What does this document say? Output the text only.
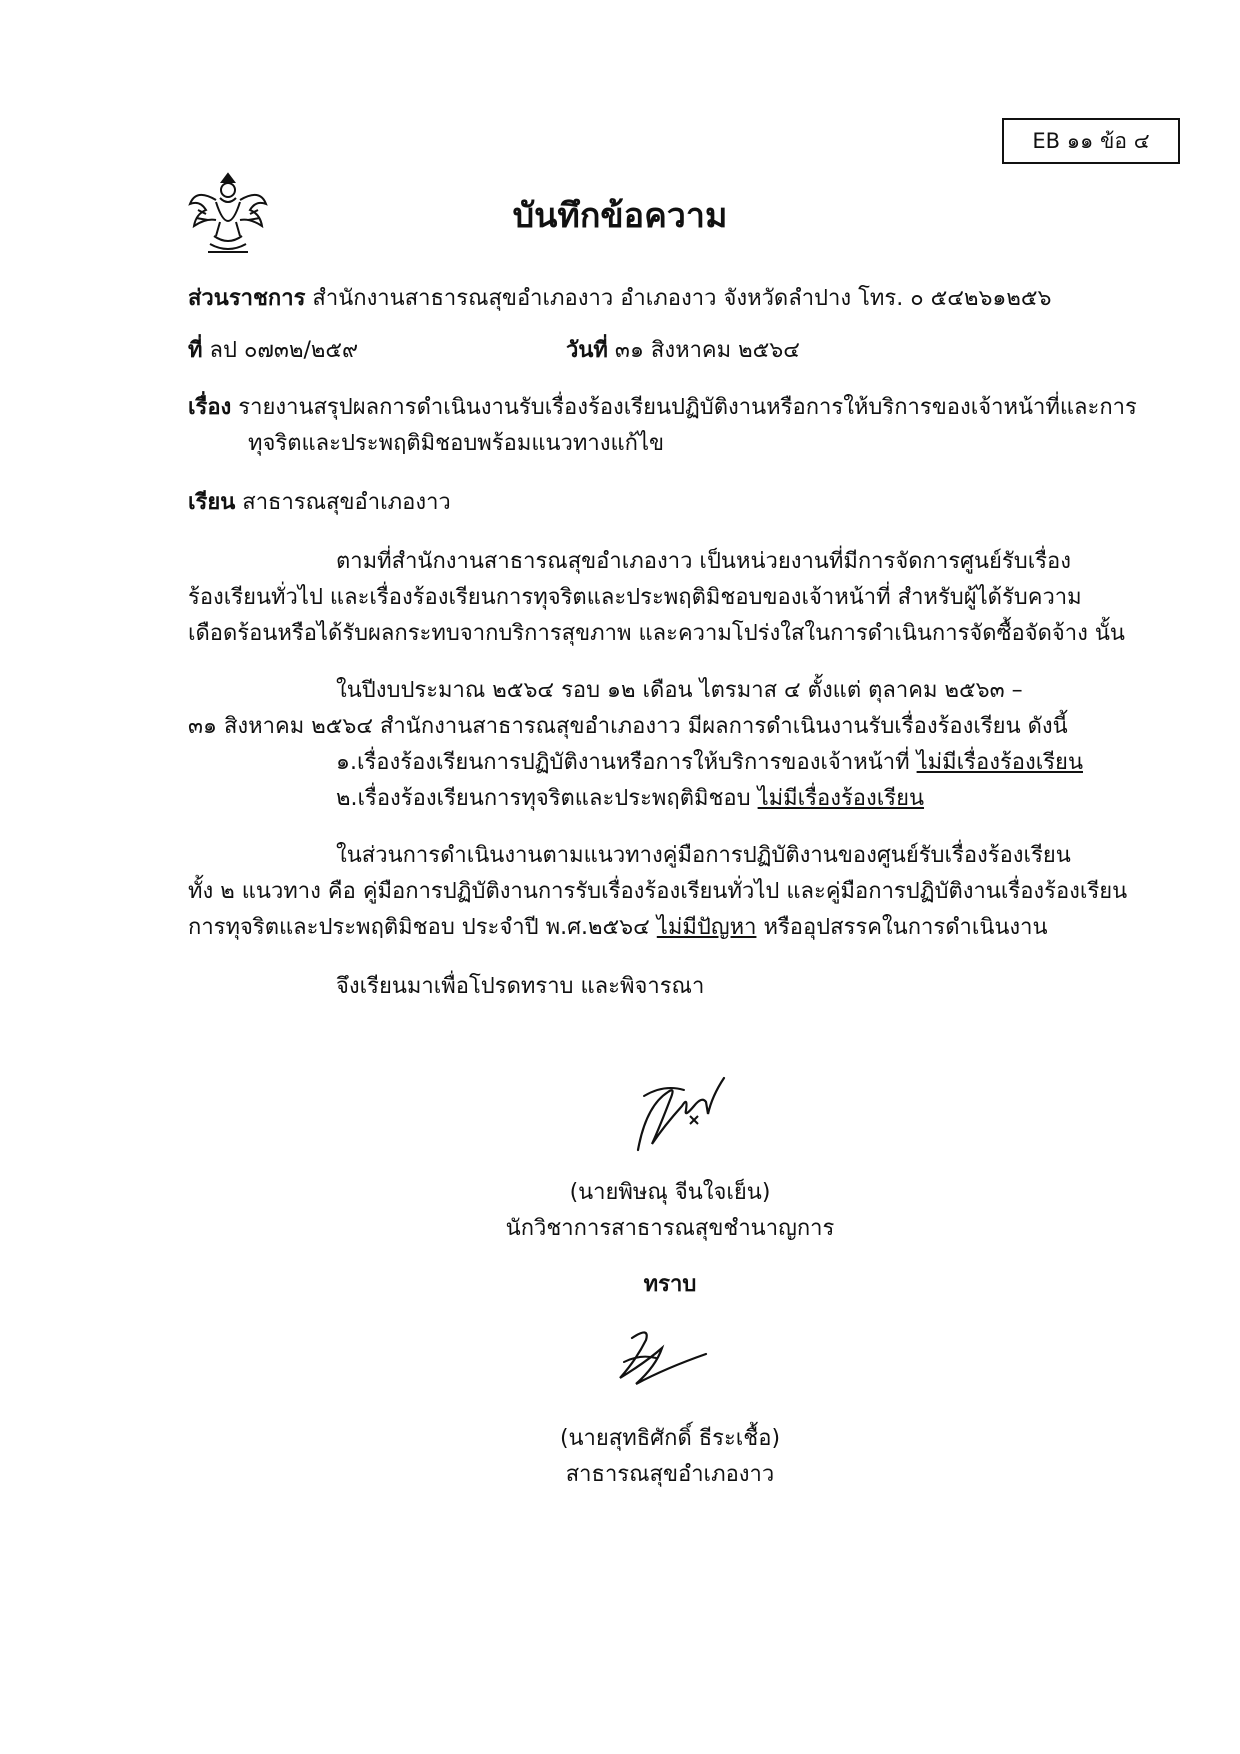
EB ๑๑ ข้อ ๔
บันทึกข้อความ
ส่วนราชการ สำนักงานสาธารณสุขอำเภองาว อำเภองาว จังหวัดลำปาง โทร. ๐ ๕๔๒๖๑๒๕๖
ที่ ลป ๐๗๓๒/๒๕๙	วันที่ ๓๑ สิงหาคม ๒๕๖๔
เรื่อง รายงานสรุปผลการดำเนินงานรับเรื่องร้องเรียนปฏิบัติงานหรือการให้บริการของเจ้าหน้าที่และการ
ทุจริตและประพฤติมิชอบพร้อมแนวทางแก้ไข
เรียน สาธารณสุขอำเภองาว
ตามที่สำนักงานสาธารณสุขอำเภองาว เป็นหน่วยงานที่มีการจัดการศูนย์รับเรื่อง
ร้องเรียนทั่วไป และเรื่องร้องเรียนการทุจริตและประพฤติมิชอบของเจ้าหน้าที่ สำหรับผู้ได้รับความ
เดือดร้อนหรือได้รับผลกระทบจากบริการสุขภาพ และความโปร่งใสในการดำเนินการจัดซื้อจัดจ้าง นั้น
ในปีงบประมาณ ๒๕๖๔ รอบ ๑๒ เดือน ไตรมาส ๔ ตั้งแต่ ตุลาคม ๒๕๖๓ –
๓๑ สิงหาคม ๒๕๖๔ สำนักงานสาธารณสุขอำเภองาว มีผลการดำเนินงานรับเรื่องร้องเรียน ดังนี้
๑.เรื่องร้องเรียนการปฏิบัติงานหรือการให้บริการของเจ้าหน้าที่ ไม่มีเรื่องร้องเรียน
๒.เรื่องร้องเรียนการทุจริตและประพฤติมิชอบ ไม่มีเรื่องร้องเรียน
ในส่วนการดำเนินงานตามแนวทางคู่มือการปฏิบัติงานของศูนย์รับเรื่องร้องเรียน
ทั้ง ๒ แนวทาง คือ คู่มือการปฏิบัติงานการรับเรื่องร้องเรียนทั่วไป และคู่มือการปฏิบัติงานเรื่องร้องเรียน
การทุจริตและประพฤติมิชอบ ประจำปี พ.ศ.๒๕๖๔ ไม่มีปัญหา หรืออุปสรรคในการดำเนินงาน
จึงเรียนมาเพื่อโปรดทราบ และพิจารณา
(นายพิษณุ จีนใจเย็น)
นักวิชาการสาธารณสุขชำนาญการ
ทราบ
(นายสุทธิศักดิ์ ธีระเชื้อ)
สาธารณสุขอำเภองาว
